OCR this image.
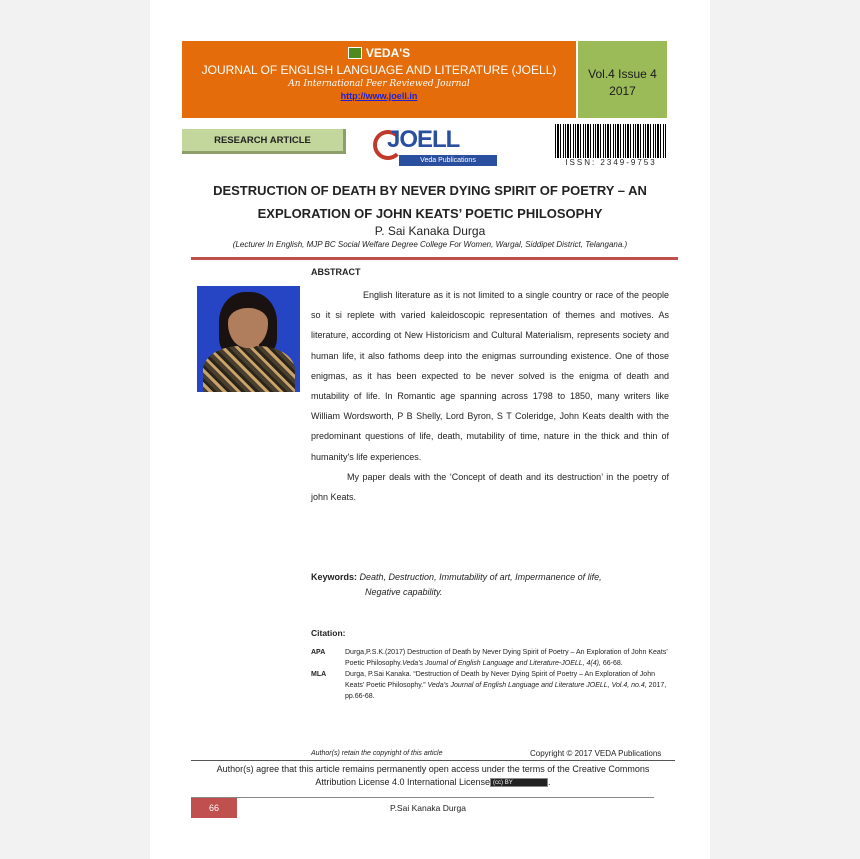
VEDA'S
JOURNAL OF ENGLISH LANGUAGE AND LITERATURE (JOELL)
An International Peer Reviewed Journal
http://www.joell.in
Vol.4 Issue 4
2017
RESEARCH ARTICLE	JOELL
Veda Publications	ISSN: 2349-9753
DESTRUCTION OF DEATH BY NEVER DYING SPIRIT OF POETRY – AN
EXPLORATION OF JOHN KEATS’ POETIC PHILOSOPHY
P. Sai Kanaka Durga
(Lecturer In English, MJP BC Social Welfare Degree College For Women, Wargal, Siddipet District, Telangana.)
ABSTRACT

English literature as it is not limited to a single country or race of the people so it si replete with varied kaleidoscopic representation of themes and motives. As literature, according ot New Historicism and Cultural Materialism, represents society and human life, it also fathoms deep into the enigmas surrounding existence. One of those enigmas, as it has been expected to be never solved is the enigma of death and mutability of life. In Romantic age spanning across 1798 to 1850, many writers like William Wordsworth, P B Shelly, Lord Byron, S T Coleridge, John Keats dealth with the predominant questions of life, death, mutability of time, nature in the thick and thin of humanity's life experiences.

My paper deals with the ‘Concept of death and its destruction’ in the poetry of john Keats.

Keywords: Death, Destruction, Immutability of art, Impermanence of life,
Negative capability.
Citation:
APA	Durga,P.S.K.(2017) Destruction of Death by Never Dying Spirit of Poetry – An Exploration of John Keats’ Poetic Philosophy.Veda’s Journal of English Language and Literature-JOELL, 4(4), 66-68.
MLA	Durga, P.Sai Kanaka. “Destruction of Death by Never Dying Spirit of Poetry – An Exploration of John Keats’ Poetic Philosophy.” Veda’s Journal of English Language and Literature JOELL, Vol.4, no.4, 2017, pp.66-68.
Author(s) retain the copyright of this article	Copyright © 2017 VEDA Publications
Author(s) agree that this article remains permanently open access under the terms of the Creative Commons
Attribution License 4.0 International License (cc) BY	.
66	P.Sai Kanaka Durga
